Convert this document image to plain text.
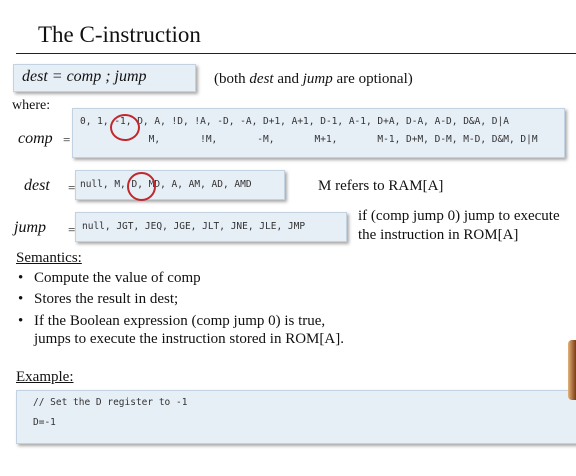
The C-instruction
dest = comp ; jump	(both dest and jump are optional)
where:
comp =
0, 1, -1, D, A, !D, !A, -D, -A, D+1, A+1, D-1, A-1, D+A, D-A, A-D, D&A, D|A
M,       !M,       -M,       M+1,       M-1, D+M, D-M, M-D, D&M, D|M
dest = null, M, D, MD, A, AM, AD, AMD	M refers to RAM[A]
jump = null, JGT, JEQ, JGE, JLT, JNE, JLE, JMP
if (comp jump 0) jump to execute
the instruction in ROM[A]
Semantics:
• Compute the value of comp
• Stores the result in dest;
• If the Boolean expression (comp jump 0) is true,
jumps to execute the instruction stored in ROM[A].
Example:
// Set the D register to -1
D=-1
